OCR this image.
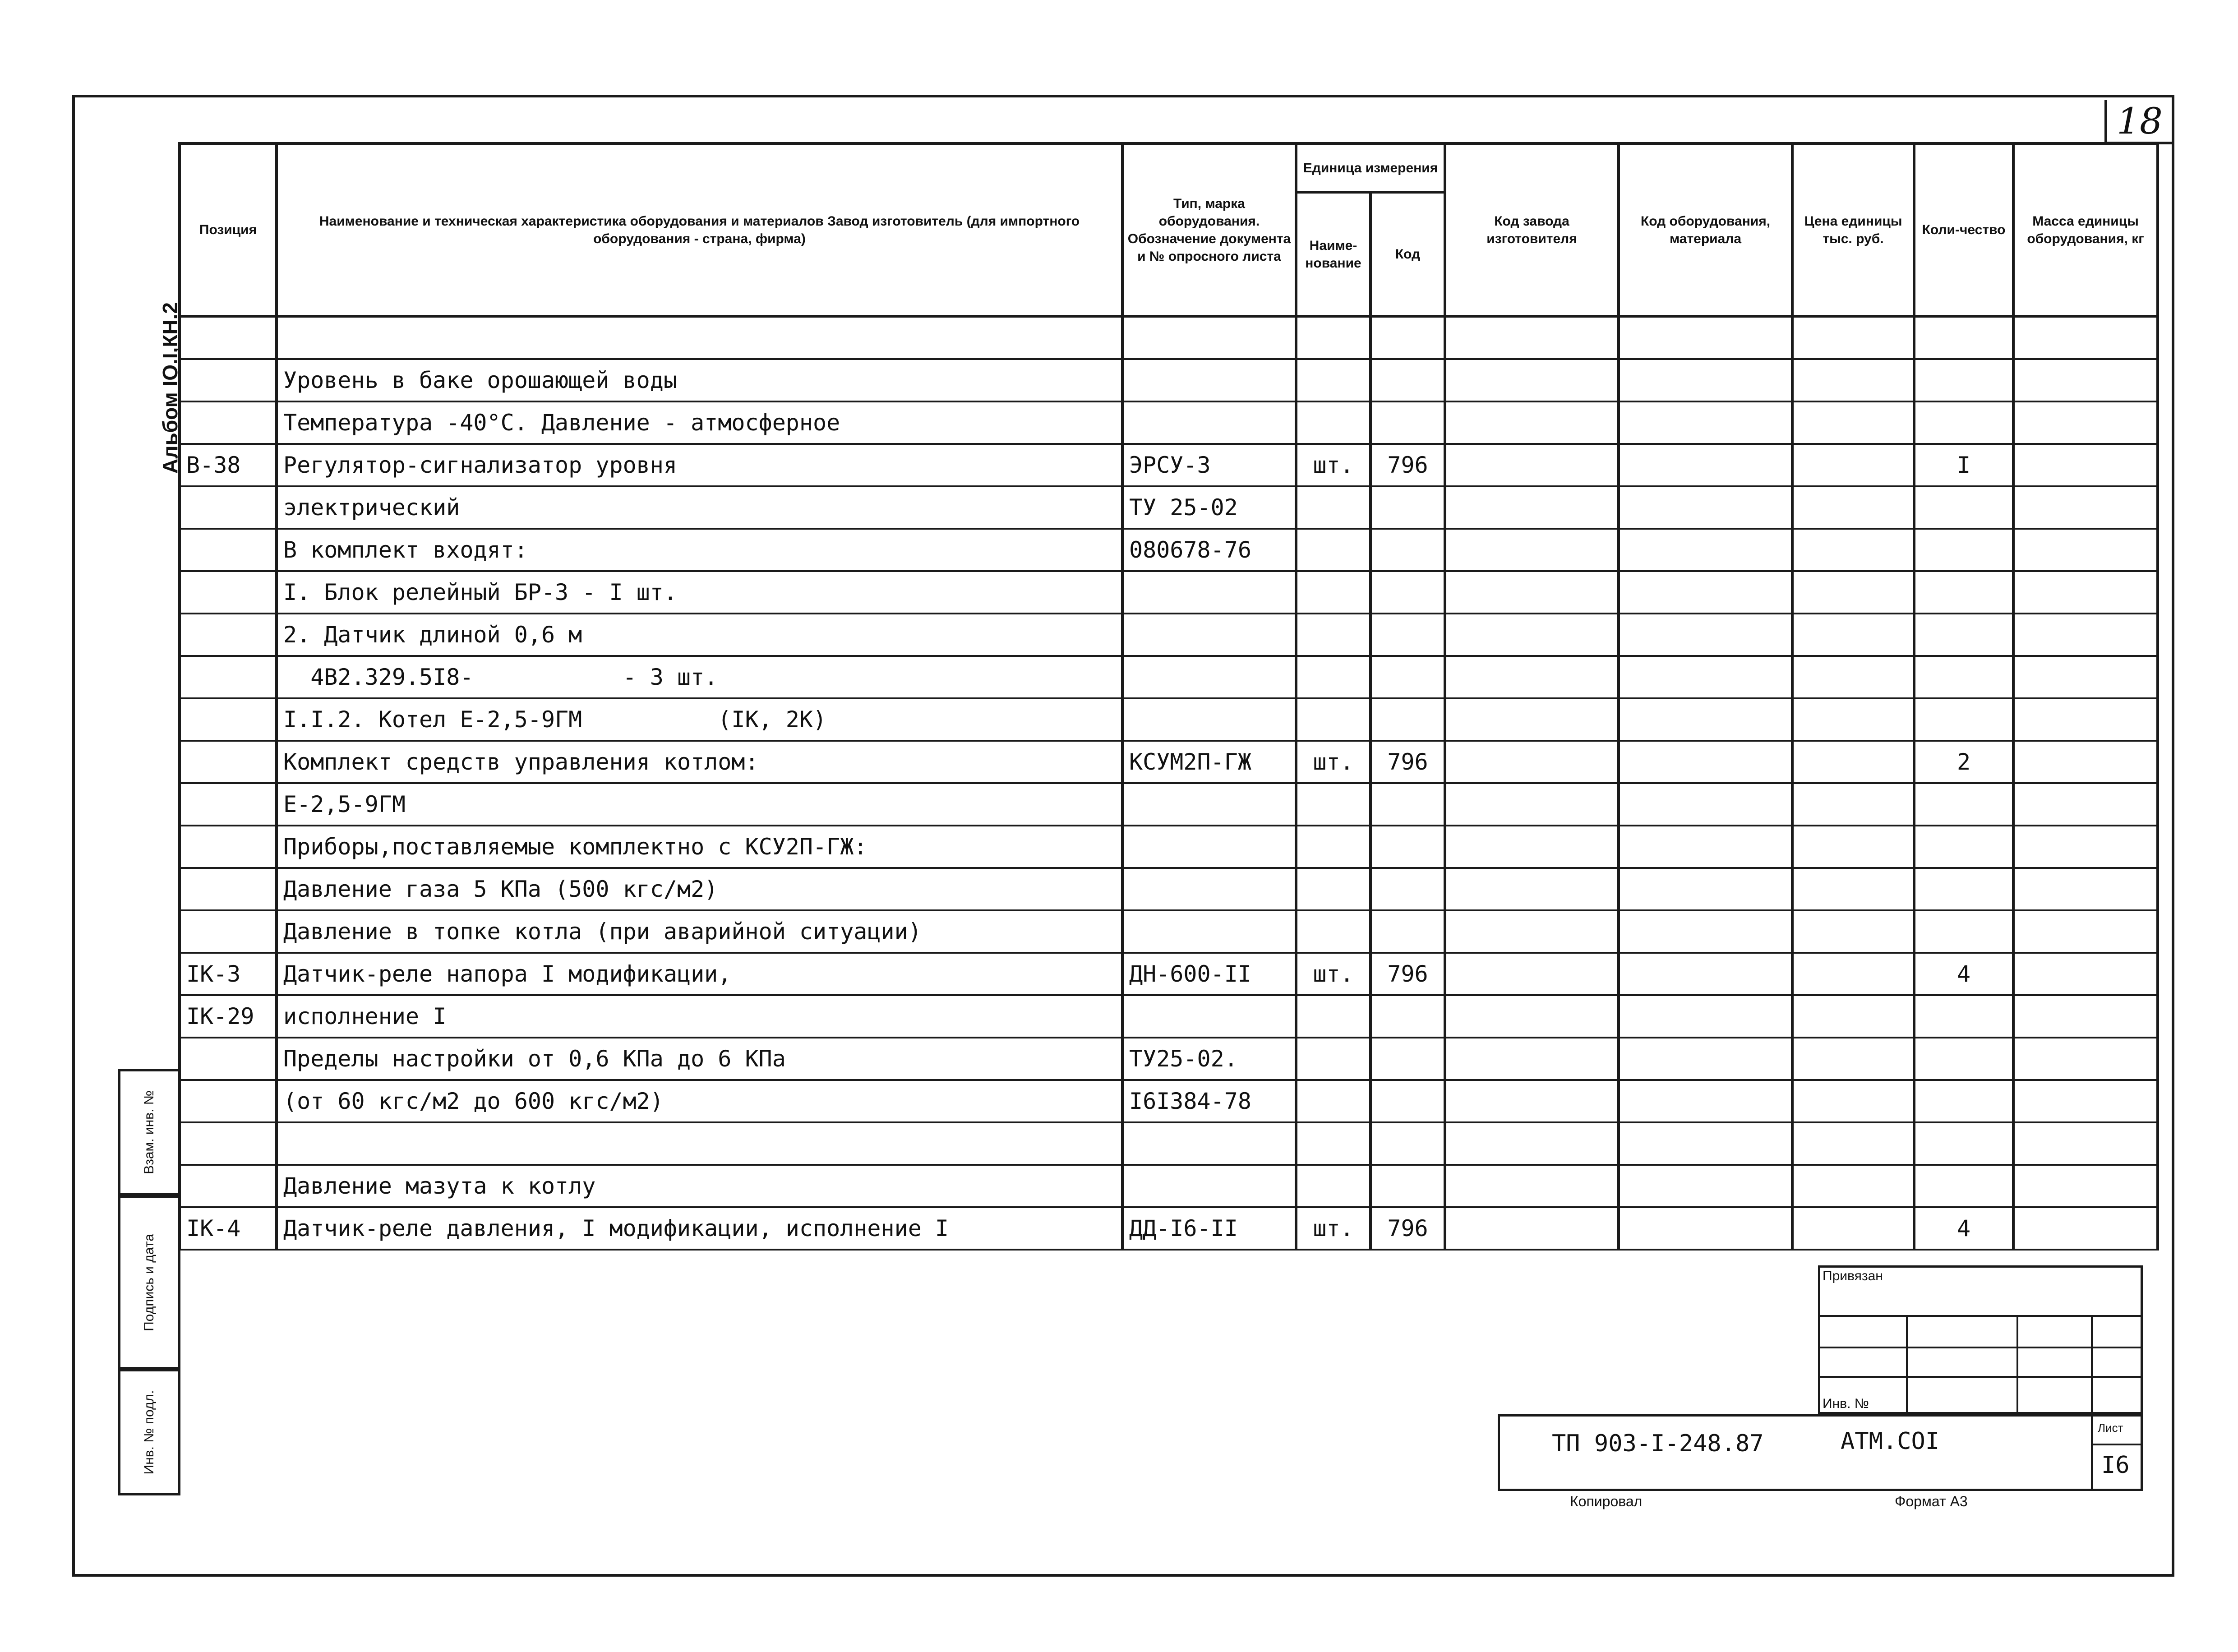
18
Альбом IO.I,КН.2
Взам. инв. №
Подпись и дата
Инв. № подл.
Позиция	Наименование и техническая характеристика оборудования и материалов Завод изготовитель (для импортного оборудования - страна, фирма)	Тип, марка оборудования. Обозначение документа и № опросного листа	Единица измерения		Код завода изготовителя	Код оборудования, материала	Цена единицы тыс. руб.	Коли-чество	Масса единицы оборудования, кг
			Наиме-нование	Код					

	Уровень в баке орошающей воды								
	Температура -40°С. Давление - атмосферное								
В-38	Регулятор-сигнализатор уровня	ЭРСУ-3	шт.	796				I	
	электрический	ТУ 25-02							
	В комплект входят:	080678-76							
	I. Блок релейный БР-3 - I шт.								
	2. Датчик длиной 0,6 м								
	4В2.329.5I8-           - 3 шт.								
	I.I.2. Котел Е-2,5-9ГМ          (IК, 2К)								
	Комплект средств управления котлом:	КСУМ2П-ГЖ	шт.	796				2	
	Е-2,5-9ГМ								
	Приборы,поставляемые комплектно с КСУ2П-ГЖ:								
	Давление газа 5 КПа (500 кгс/м2)								
	Давление в топке котла (при аварийной ситуации)								
IК-3	Датчик-реле напора I модификации,	ДН-600-II	шт.	796				4	
IК-29	исполнение I								
	Пределы настройки от 0,6 КПа до 6 КПа	ТУ25-02.							
	(от 60 кгс/м2 до 600 кгс/м2)	I6I384-78							

	Давление мазута к котлу								
IК-4	Датчик-реле давления, I модификации, исполнение I	ДД-I6-II	шт.	796				4	
Привязан
Инв. №
ТП 903-I-248.87	АТМ.СОI	Лист
I6
Копировал	Формат А3
